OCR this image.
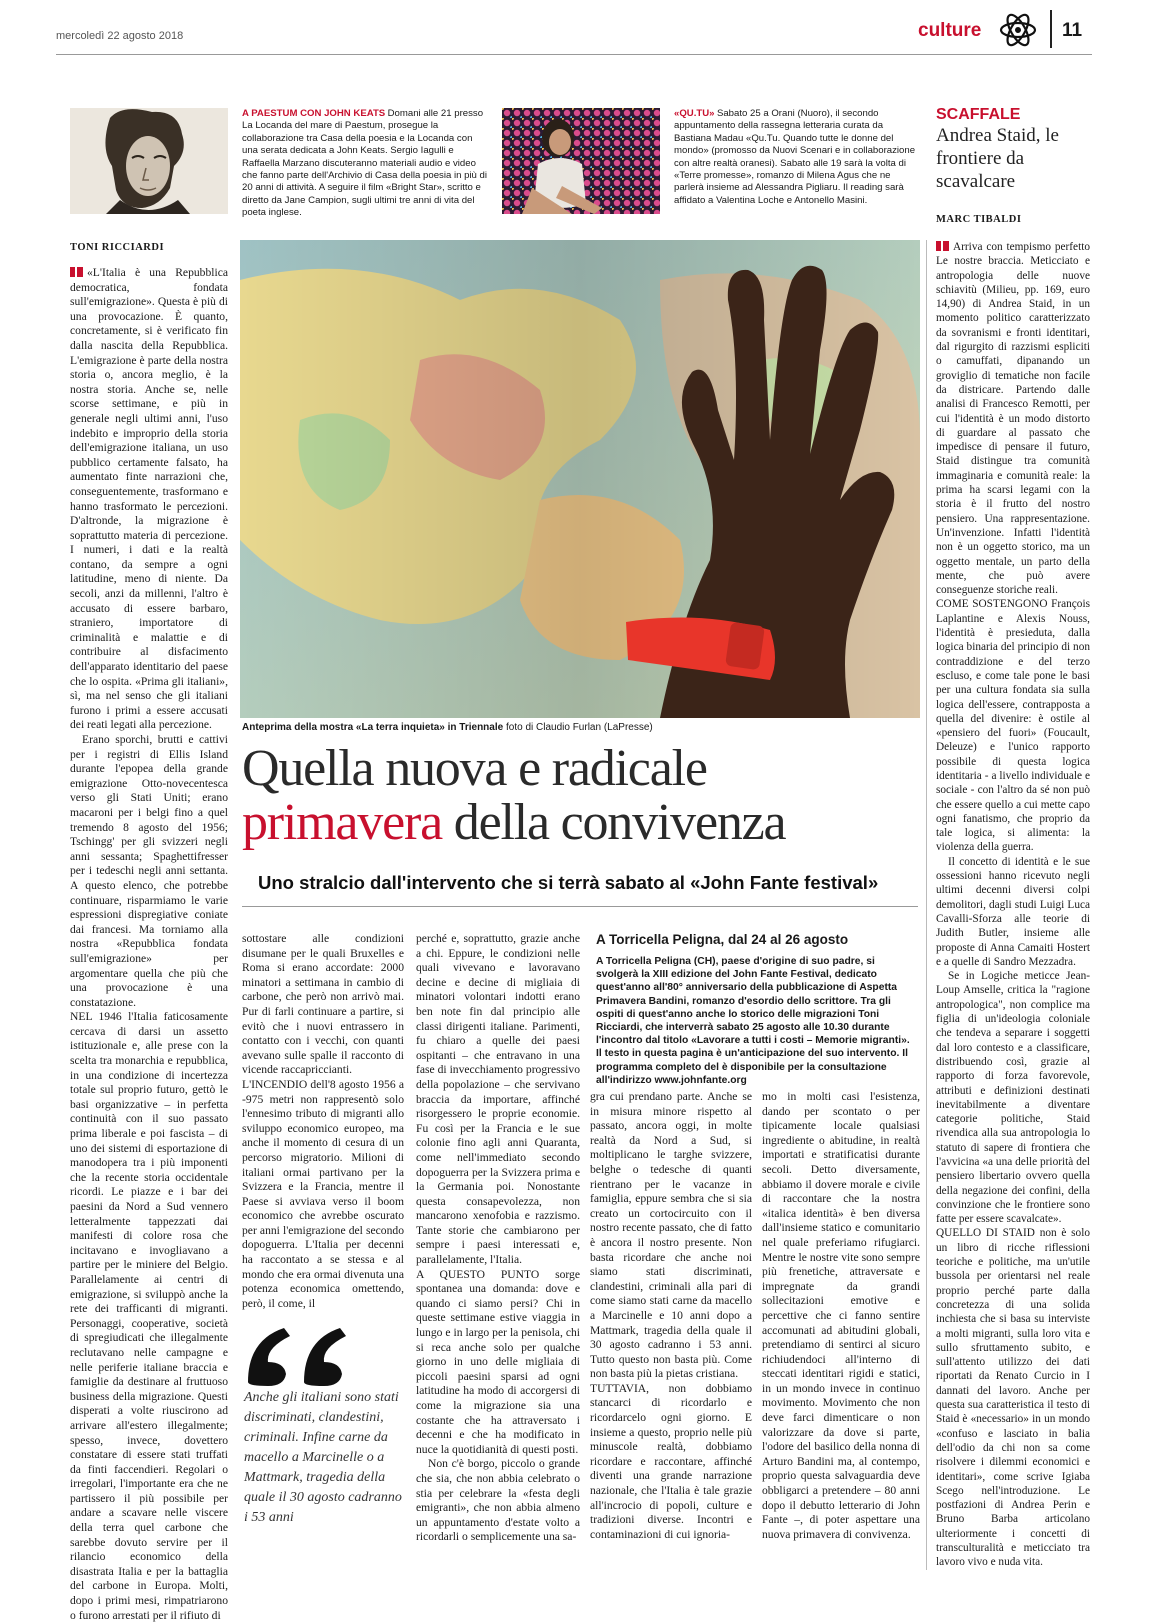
mercoledì 22 agosto 2018	culture	11
A PAESTUM CON JOHN KEATS Domani alle 21 presso La Locanda del mare di Paestum, prosegue la collaborazione tra Casa della poesia e la Locanda con una serata dedicata a John Keats. Sergio Iagulli e Raffaella Marzano discuteranno materiali audio e video che fanno parte dell'Archivio di Casa della poesia in più di 20 anni di attività. A seguire il film «Bright Star», scritto e diretto da Jane Campion, sugli ultimi tre anni di vita del poeta inglese.
«QU.TU» Sabato 25 a Orani (Nuoro), il secondo appuntamento della rassegna letteraria curata da Bastiana Madau «Qu.Tu. Quando tutte le donne del mondo» (promosso da Nuovi Scenari e in collaborazione con altre realtà oranesi). Sabato alle 19 sarà la volta di «Terre promesse», romanzo di Milena Agus che ne parlerà insieme ad Alessandra Pigliaru. Il reading sarà affidato a Valentina Loche e Antonello Masini.
SCAFFALE
Andrea Staid, le frontiere da scavalcare
MARC TIBALDI

Arriva con tempismo perfetto Le nostre braccia. Meticciato e antropologia delle nuove schiavitù (Milieu, pp. 169, euro 14,90) di Andrea Staid, in un momento politico caratterizzato da sovranismi e fronti identitari, dal rigurgito di razzismi espliciti o camuffati, dipanando un groviglio di tematiche non facile da districare. Partendo dalle analisi di Francesco Remotti, per cui l'identità è un modo distorto di guardare al passato che impedisce di pensare il futuro, Staid distingue tra comunità immaginaria e comunità reale: la prima ha scarsi legami con la storia è il frutto del nostro pensiero. Una rappresentazione. Un'invenzione. Infatti l'identità non è un oggetto storico, ma un oggetto mentale, un parto della mente, che può avere conseguenze storiche reali.

COME SOSTENGONO François Laplantine e Alexis Nouss, l'identità è presieduta, dalla logica binaria del principio di non contraddizione e del terzo escluso, e come tale pone le basi per una cultura fondata sia sulla logica dell'essere, contrapposta a quella del divenire: è ostile al «pensiero del fuori» (Foucault, Deleuze) e l'unico rapporto possibile di questa logica identitaria - a livello individuale e sociale - con l'altro da sé non può che essere quello a cui mette capo ogni fanatismo, che proprio da tale logica, si alimenta: la violenza della guerra.

Il concetto di identità e le sue ossessioni hanno ricevuto negli ultimi decenni diversi colpi demolitori, dagli studi Luigi Luca Cavalli-Sforza alle teorie di Judith Butler, insieme alle proposte di Anna Camaiti Hostert e a quelle di Sandro Mezzadra.

Se in Logiche meticce Jean-Loup Amselle, critica la "ragione antropologica", non complice ma figlia di un'ideologia coloniale che tendeva a separare i soggetti dal loro contesto e a classificare, distribuendo così, grazie al rapporto di forza favorevole, attributi e definizioni destinati inevitabilmente a diventare categorie politiche, Staid rivendica alla sua antropologia lo statuto di sapere di frontiera che l'avvicina «a una delle priorità del pensiero libertario ovvero quella della negazione dei confini, della convinzione che le frontiere sono fatte per essere scavalcate».

QUELLO DI STAID non è solo un libro di ricche riflessioni teoriche e politiche, ma un'utile bussola per orientarsi nel reale proprio perché parte dalla concretezza di una solida inchiesta che si basa su interviste a molti migranti, sulla loro vita e sullo sfruttamento subito, e sull'attento utilizzo dei dati riportati da Renato Curcio in I dannati del lavoro. Anche per questa sua caratteristica il testo di Staid è «necessario» in un mondo «confuso e lasciato in balia dell'odio da chi non sa come risolvere i dilemmi economici e identitari», come scrive Igiaba Scego nell'introduzione. Le postfazioni di Andrea Perin e Bruno Barba articolano ulteriormente i concetti di transculturalità e meticciato tra lavoro vivo e nuda vita.

TONI RICCIARDI

«L'Italia è una Repubblica democratica, fondata sull'emigrazione». Questa è più di una provocazione. È quanto, concretamente, si è verificato fin dalla nascita della Repubblica. L'emigrazione è parte della nostra storia o, ancora meglio, è la nostra storia. Anche se, nelle scorse settimane, e più in generale negli ultimi anni, l'uso indebito e improprio della storia dell'emigrazione italiana, un uso pubblico certamente falsato, ha aumentato finte narrazioni che, conseguentemente, trasformano e hanno trasformato le percezioni. D'altronde, la migrazione è soprattutto materia di percezione. I numeri, i dati e la realtà contano, da sempre a ogni latitudine, meno di niente. Da secoli, anzi da millenni, l'altro è accusato di essere barbaro, straniero, importatore di criminalità e malattie e di contribuire al disfacimento dell'apparato identitario del paese che lo ospita. «Prima gli italiani», sì, ma nel senso che gli italiani furono i primi a essere accusati dei reati legati alla percezione.

Erano sporchi, brutti e cattivi per i registri di Ellis Island durante l'epopea della grande emigrazione Otto-novecentesca verso gli Stati Uniti; erano macaroni per i belgi fino a quel tremendo 8 agosto del 1956; Tschingg' per gli svizzeri negli anni sessanta; Spaghettifresser per i tedeschi negli anni settanta. A questo elenco, che potrebbe continuare, risparmiamo le varie espressioni dispregiative coniate dai francesi. Ma torniamo alla nostra «Repubblica fondata sull'emigrazione» per argomentare quella che più che una provocazione è una constatazione.

NEL 1946 l'Italia faticosamente cercava di darsi un assetto istituzionale e, alle prese con la scelta tra monarchia e repubblica, in una condizione di incertezza totale sul proprio futuro, gettò le basi organizzative – in perfetta continuità con il suo passato prima liberale e poi fascista – di uno dei sistemi di esportazione di manodopera tra i più imponenti che la recente storia occidentale ricordi. Le piazze e i bar dei paesini da Nord a Sud vennero letteralmente tappezzati dai manifesti di colore rosa che incitavano e invogliavano a partire per le miniere del Belgio. Parallelamente ai centri di emigrazione, si sviluppò anche la rete dei trafficanti di migranti. Personaggi, cooperative, società di spregiudicati che illegalmente reclutavano nelle campagne e nelle periferie italiane braccia e famiglie da destinare al fruttuoso business della migrazione. Questi disperati a volte riuscirono ad arrivare all'estero illegalmente; spesso, invece, dovettero constatare di essere stati truffati da finti faccendieri. Regolari o irregolari, l'importante era che ne partissero il più possibile per andare a scavare nelle viscere della terra quel carbone che sarebbe dovuto servire per il rilancio economico della disastrata Italia e per la battaglia del carbone in Europa. Molti, dopo i primi mesi, rimpatriarono o furono arrestati per il rifiuto di

Anteprima della mostra «La terra inquieta» in Triennale foto di Claudio Furlan (LaPresse)
Quella nuova e radicale
primavera della convivenza
Uno stralcio dall'intervento che si terrà sabato al «John Fante festival»

sottostare alle condizioni disumane per le quali Bruxelles e Roma si erano accordate: 2000 minatori a settimana in cambio di carbone, che però non arrivò mai. Pur di farli continuare a partire, si evitò che i nuovi entrassero in contatto con i vecchi, con quanti avevano sulle spalle il racconto di vicende raccapriccianti.

L'INCENDIO dell'8 agosto 1956 a -975 metri non rappresentò solo l'ennesimo tributo di migranti allo sviluppo economico europeo, ma anche il momento di cesura di un percorso migratorio. Milioni di italiani ormai partivano per la Svizzera e la Francia, mentre il Paese si avviava verso il boom economico che avrebbe oscurato per anni l'emigrazione del secondo dopoguerra. L'Italia per decenni ha raccontato a se stessa e al mondo che era ormai divenuta una potenza economica omettendo, però, il come, il

Anche gli italiani sono stati discriminati, clandestini, criminali. Infine carne da macello a Marcinelle o a Mattmark, tragedia della quale il 30 agosto cadranno i 53 anni

perché e, soprattutto, grazie anche a chi. Eppure, le condizioni nelle quali vivevano e lavoravano decine e decine di migliaia di minatori volontari indotti erano ben note fin dal principio alle classi dirigenti italiane. Parimenti, fu chiaro a quelle dei paesi ospitanti – che entravano in una fase di invecchiamento progressivo della popolazione – che servivano braccia da importare, affinché risorgessero le proprie economie. Fu così per la Francia e le sue colonie fino agli anni Quaranta, come nell'immediato secondo dopoguerra per la Svizzera prima e la Germania poi. Nonostante questa consapevolezza, non mancarono xenofobia e razzismo. Tante storie che cambiarono per sempre i paesi interessati e, parallelamente, l'Italia.

A QUESTO PUNTO sorge spontanea una domanda: dove e quando ci siamo persi? Chi in queste settimane estive viaggia in lungo e in largo per la penisola, chi si reca anche solo per qualche giorno in uno delle migliaia di piccoli paesini sparsi ad ogni latitudine ha modo di accorgersi di come la migrazione sia una costante che ha attraversato i decenni e che ha modificato in nuce la quotidianità di questi posti.

Non c'è borgo, piccolo o grande che sia, che non abbia celebrato o stia per celebrare la «festa degli emigranti», che non abbia almeno un appuntamento d'estate volto a ricordarli o semplicemente una sa-

A Torricella Peligna, dal 24 al 26 agosto
A Torricella Peligna (CH), paese d'origine di suo padre, si svolgerà la XIII edizione del John Fante Festival, dedicato quest'anno all'80° anniversario della pubblicazione di Aspetta Primavera Bandini, romanzo d'esordio dello scrittore. Tra gli ospiti di quest'anno anche lo storico delle migrazioni Toni Ricciardi, che interverrà sabato 25 agosto alle 10.30 durante l'incontro dal titolo «Lavorare a tutti i costi – Memorie migranti». Il testo in questa pagina è un'anticipazione del suo intervento. Il programma completo del è disponibile per la consultazione all'indirizzo www.johnfante.org

gra cui prendano parte. Anche se in misura minore rispetto al passato, ancora oggi, in molte realtà da Nord a Sud, si moltiplicano le targhe svizzere, belghe o tedesche di quanti rientrano per le vacanze in famiglia, eppure sembra che si sia creato un cortocircuito con il nostro recente passato, che di fatto è ancora il nostro presente. Non basta ricordare che anche noi siamo stati discriminati, clandestini, criminali alla pari di come siamo stati carne da macello a Marcinelle e 10 anni dopo a Mattmark, tragedia della quale il 30 agosto cadranno i 53 anni. Tutto questo non basta più. Come non basta più la pietas cristiana.

TUTTAVIA, non dobbiamo stancarci di ricordarlo e ricordarcelo ogni giorno. E insieme a questo, proprio nelle più minuscole realtà, dobbiamo ricordare e raccontare, affinché diventi una grande narrazione nazionale, che l'Italia è tale grazie all'incrocio di popoli, culture e tradizioni diverse. Incontri e contaminazioni di cui ignoria-

mo in molti casi l'esistenza, dando per scontato o per tipicamente locale qualsiasi ingrediente o abitudine, in realtà importati e stratificatisi durante secoli. Detto diversamente, abbiamo il dovere morale e civile di raccontare che la nostra «italica identità» è ben diversa dall'insieme statico e comunitario nel quale preferiamo rifugiarci. Mentre le nostre vite sono sempre più frenetiche, attraversate e impregnate da grandi sollecitazioni emotive e percettive che ci fanno sentire accomunati ad abitudini globali, pretendiamo di sentirci al sicuro richiudendoci all'interno di steccati identitari rigidi e statici, in un mondo invece in continuo movimento. Movimento che non deve farci dimenticare o non valorizzare da dove si parte, l'odore del basilico della nonna di Arturo Bandini ma, al contempo, proprio questa salvaguardia deve obbligarci a pretendere – 80 anni dopo il debutto letterario di John Fante –, di poter aspettare una nuova primavera di convivenza.
